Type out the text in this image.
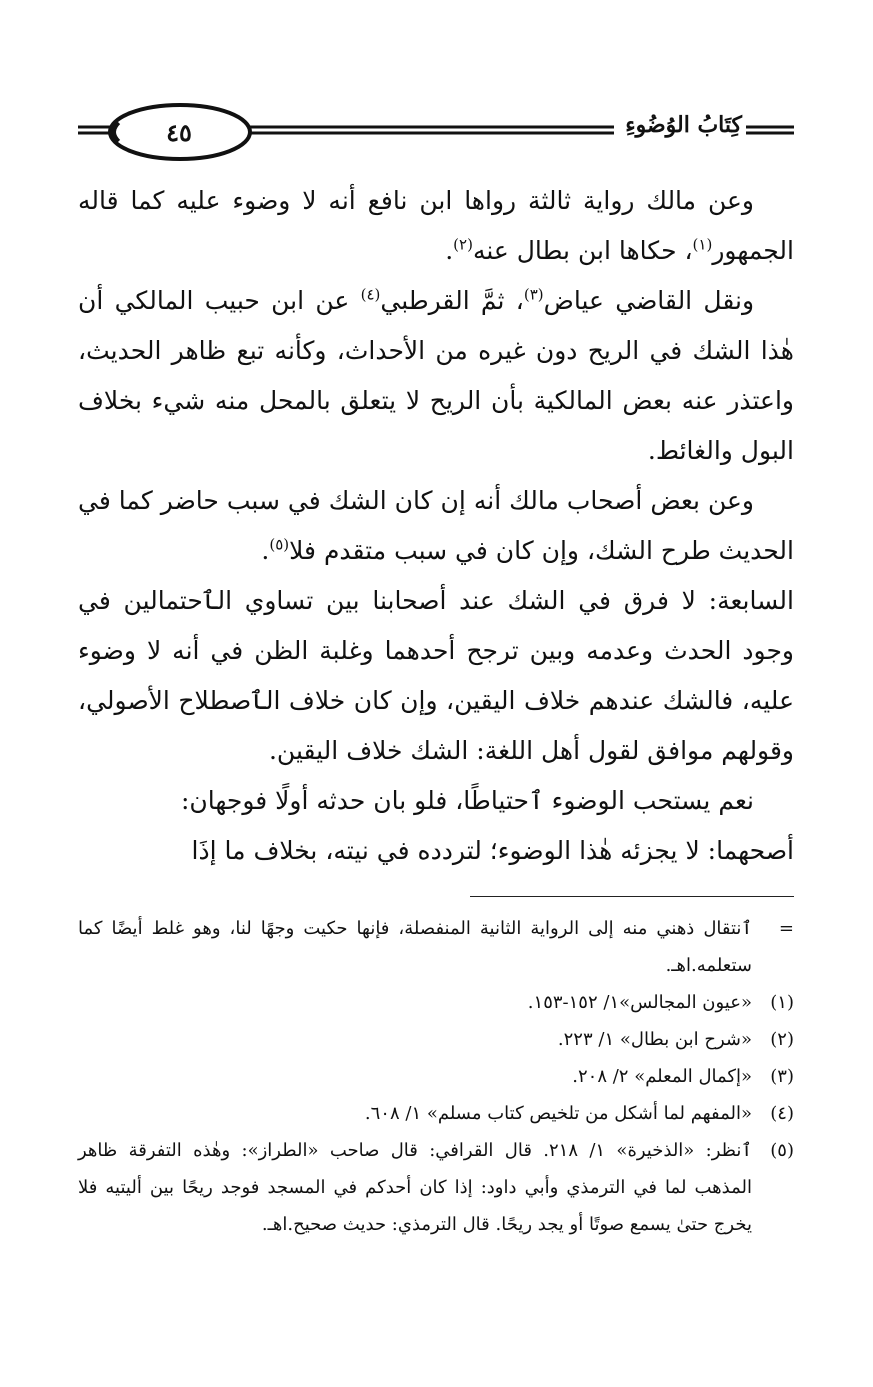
٤٥	كِتَابُ الوُضُوءِ

وعن مالك رواية ثالثة رواها ابن نافع أنه لا وضوء عليه كما قاله الجمهور$^{(١)}$، حكاها ابن بطال عنه$^{(٢)}$.

ونقل القاضي عياض$^{(٣)}$، ثمَّ القرطبي$^{(٤)}$ عن ابن حبيب المالكي أن هٰذا الشك في الريح دون غيره من الأحداث، وكأنه تبع ظاهر الحديث، واعتذر عنه بعض المالكية بأن الريح لا يتعلق بالمحل منه شيء بخلاف البول والغائط.

وعن بعض أصحاب مالك أنه إن كان الشك في سبب حاضر كما في الحديث طرح الشك، وإن كان في سبب متقدم فلا$^{(٥)}$.

السابعة: لا فرق في الشك عند أصحابنا بين تساوي الٱحتمالين في وجود الحدث وعدمه وبين ترجح أحدهما وغلبة الظن في أنه لا وضوء عليه، فالشك عندهم خلاف اليقين، وإن كان خلاف الٱصطلاح الأصولي، وقولهم موافق لقول أهل اللغة: الشك خلاف اليقين.

نعم يستحب الوضوء ٱحتياطًا، فلو بان حدثه أولًا فوجهان:

أصحهما: لا يجزئه هٰذا الوضوء؛ لتردده في نيته، بخلاف ما إذَا

=
ٱنتقال ذهني منه إلى الرواية الثانية المنفصلة، فإنها حكيت وجهًا لنا، وهو غلط أيضًا كما ستعلمه.اهـ.
(١)
«عيون المجالس»١/ ١٥٢-١٥٣.
(٢)
«شرح ابن بطال» ١/ ٢٢٣.
(٣)
«إكمال المعلم» ٢/ ٢٠٨.
(٤)
«المفهم لما أشكل من تلخيص كتاب مسلم» ١/ ٦٠٨.
(٥)
ٱنظر: «الذخيرة» ١/ ٢١٨. قال القرافي: قال صاحب «الطراز»: وهٰذه التفرقة ظاهر المذهب لما في الترمذي وأبي داود: إذا كان أحدكم في المسجد فوجد ريحًا بين أليتيه فلا يخرج حتىٰ يسمع صوتًا أو يجد ريحًا. قال الترمذي: حديث صحيح.اهـ.
